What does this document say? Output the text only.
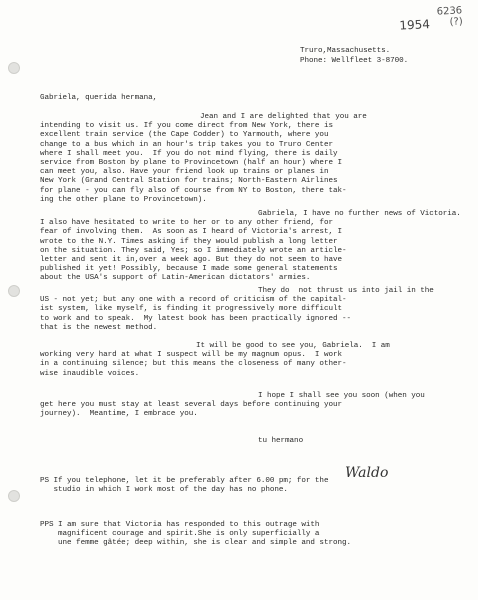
1954
6236
(?)
Truro,Massachusetts.
Phone: Wellfleet 3-8700.
Gabriela, querida hermana,
Jean and I are delighted that you are
intending to visit us. If you come direct from New York, there is
excellent train service (the Cape Codder) to Yarmouth, where you
change to a bus which in an hour's trip takes you to Truro Center
where I shall meet you.  If you do not mind flying, there is daily
service from Boston by plane to Provincetown (half an hour) where I
can meet you, also. Have your friend look up trains or planes in
New York (Grand Central Station for trains; North-Eastern Airlines
for plane - you can fly also of course from NY to Boston, there tak-
ing the other plane to Provincetown).
Gabriela, I have no further news of Victoria.
I also have hesitated to write to her or to any other friend, for
fear of involving them.  As soon as I heard of Victoria's arrest, I
wrote to the N.Y. Times asking if they would publish a long letter
on the situation. They said, Yes; so I immediately wrote an article-
letter and sent it in,over a week ago. But they do not seem to have
published it yet! Possibly, because I made some general statements
about the USA's support of Latin-American dictators' armies.
They do  not thrust us into jail in the
US - not yet; but any one with a record of criticism of the capital-
ist system, like myself, is finding it progressively more difficult
to work and to speak.  My latest book has been practically ignored --
that is the newest method.
It will be good to see you, Gabriela.  I am
working very hard at what I suspect will be my magnum opus.  I work
in a continuing silence; but this means the closeness of many other-
wise inaudible voices.
I hope I shall see you soon (when you
get here you must stay at least several days before continuing your
journey).  Meantime, I embrace you.
tu hermano
Waldo
PS If you telephone, let it be preferably after 6.00 pm; for the
studio in which I work most of the day has no phone.
PPS I am sure that Victoria has responded to this outrage with
magnificent courage and spirit.She is only superficially a
une femme gâtée; deep within, she is clear and simple and strong.
